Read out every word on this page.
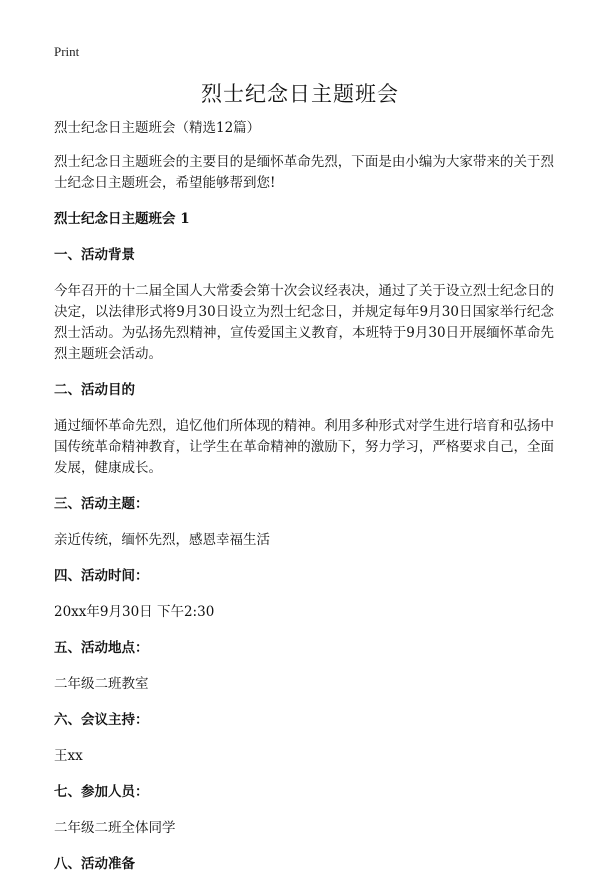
Print
烈士纪念日主题班会

烈士纪念日主题班会（精选12篇）

烈士纪念日主题班会的主要目的是缅怀革命先烈，下面是由小编为大家带来的关于烈士纪念日主题班会，希望能够帮到您!

烈士纪念日主题班会 1

一、活动背景

今年召开的十二届全国人大常委会第十次会议经表决，通过了关于设立烈士纪念日的决定，以法律形式将9月30日设立为烈士纪念日，并规定每年9月30日国家举行纪念烈士活动。为弘扬先烈精神，宣传爱国主义教育，本班特于9月30日开展缅怀革命先烈主题班会活动。

二、活动目的

通过缅怀革命先烈，追忆他们所体现的精神。利用多种形式对学生进行培育和弘扬中国传统革命精神教育，让学生在革命精神的激励下，努力学习，严格要求自己，全面发展，健康成长。

三、活动主题：

亲近传统，缅怀先烈，感恩幸福生活

四、活动时间：

20xx年9月30日 下午2:30

五、活动地点：

二年级二班教室

六、会议主持：

王xx

七、参加人员：

二年级二班全体同学

八、活动准备
